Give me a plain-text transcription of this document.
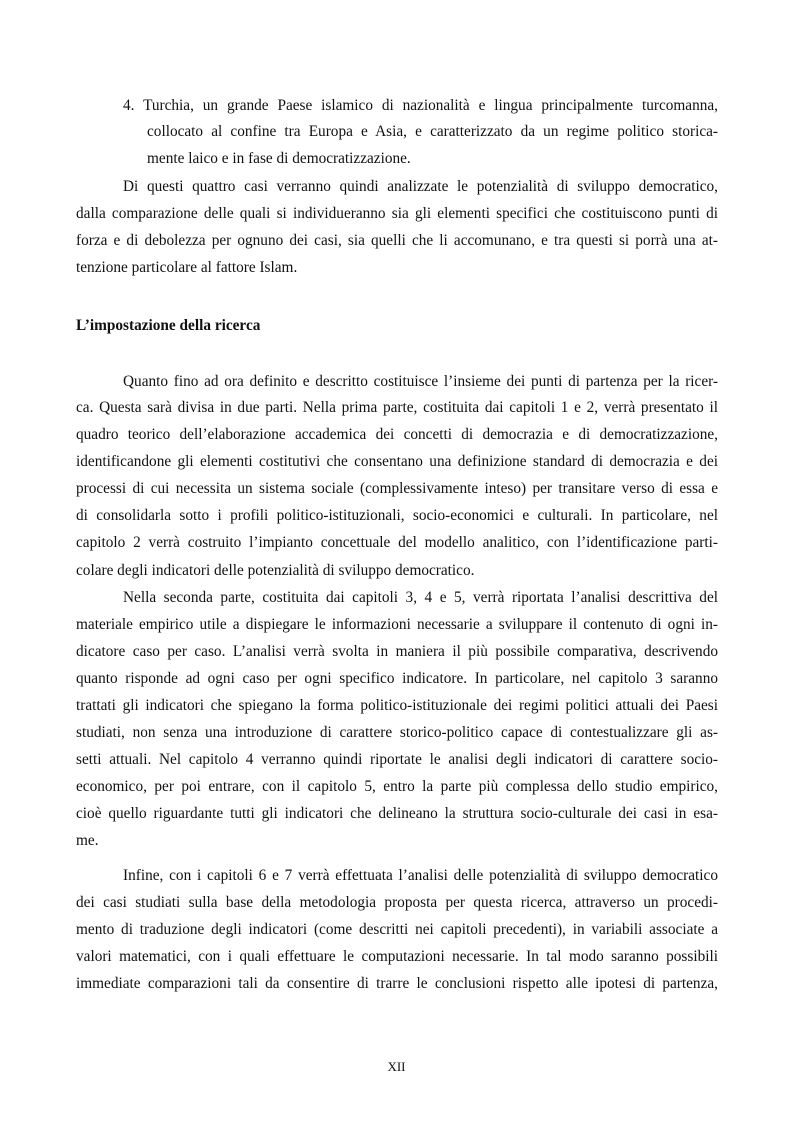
4. Turchia, un grande Paese islamico di nazionalità e lingua principalmente turcomanna,
collocato al confine tra Europa e Asia, e caratterizzato da un regime politico storica-
mente laico e in fase di democratizzazione.
Di questi quattro casi verranno quindi analizzate le potenzialità di sviluppo democratico,
dalla comparazione delle quali si individueranno sia gli elementi specifici che costituiscono punti di
forza e di debolezza per ognuno dei casi, sia quelli che li accomunano, e tra questi si porrà una at-
tenzione particolare al fattore Islam.
L’impostazione della ricerca
Quanto fino ad ora definito e descritto costituisce l’insieme dei punti di partenza per la ricer-
ca. Questa sarà divisa in due parti. Nella prima parte, costituita dai capitoli 1 e 2, verrà presentato il
quadro teorico dell’elaborazione accademica dei concetti di democrazia e di democratizzazione,
identificandone gli elementi costitutivi che consentano una definizione standard di democrazia e dei
processi di cui necessita un sistema sociale (complessivamente inteso) per transitare verso di essa e
di consolidarla sotto i profili politico-istituzionali, socio-economici e culturali. In particolare, nel
capitolo 2 verrà costruito l’impianto concettuale del modello analitico, con l’identificazione parti-
colare degli indicatori delle potenzialità di sviluppo democratico.
Nella seconda parte, costituita dai capitoli 3, 4 e 5, verrà riportata l’analisi descrittiva del
materiale empirico utile a dispiegare le informazioni necessarie a sviluppare il contenuto di ogni in-
dicatore caso per caso. L’analisi verrà svolta in maniera il più possibile comparativa, descrivendo
quanto risponde ad ogni caso per ogni specifico indicatore. In particolare, nel capitolo 3 saranno
trattati gli indicatori che spiegano la forma politico-istituzionale dei regimi politici attuali dei Paesi
studiati, non senza una introduzione di carattere storico-politico capace di contestualizzare gli as-
setti attuali. Nel capitolo 4 verranno quindi riportate le analisi degli indicatori di carattere socio-
economico, per poi entrare, con il capitolo 5, entro la parte più complessa dello studio empirico,
cioè quello riguardante tutti gli indicatori che delineano la struttura socio-culturale dei casi in esa-
me.
Infine, con i capitoli 6 e 7 verrà effettuata l’analisi delle potenzialità di sviluppo democratico
dei casi studiati sulla base della metodologia proposta per questa ricerca, attraverso un procedi-
mento di traduzione degli indicatori (come descritti nei capitoli precedenti), in variabili associate a
valori matematici, con i quali effettuare le computazioni necessarie. In tal modo saranno possibili
immediate comparazioni tali da consentire di trarre le conclusioni rispetto alle ipotesi di partenza,
XII
